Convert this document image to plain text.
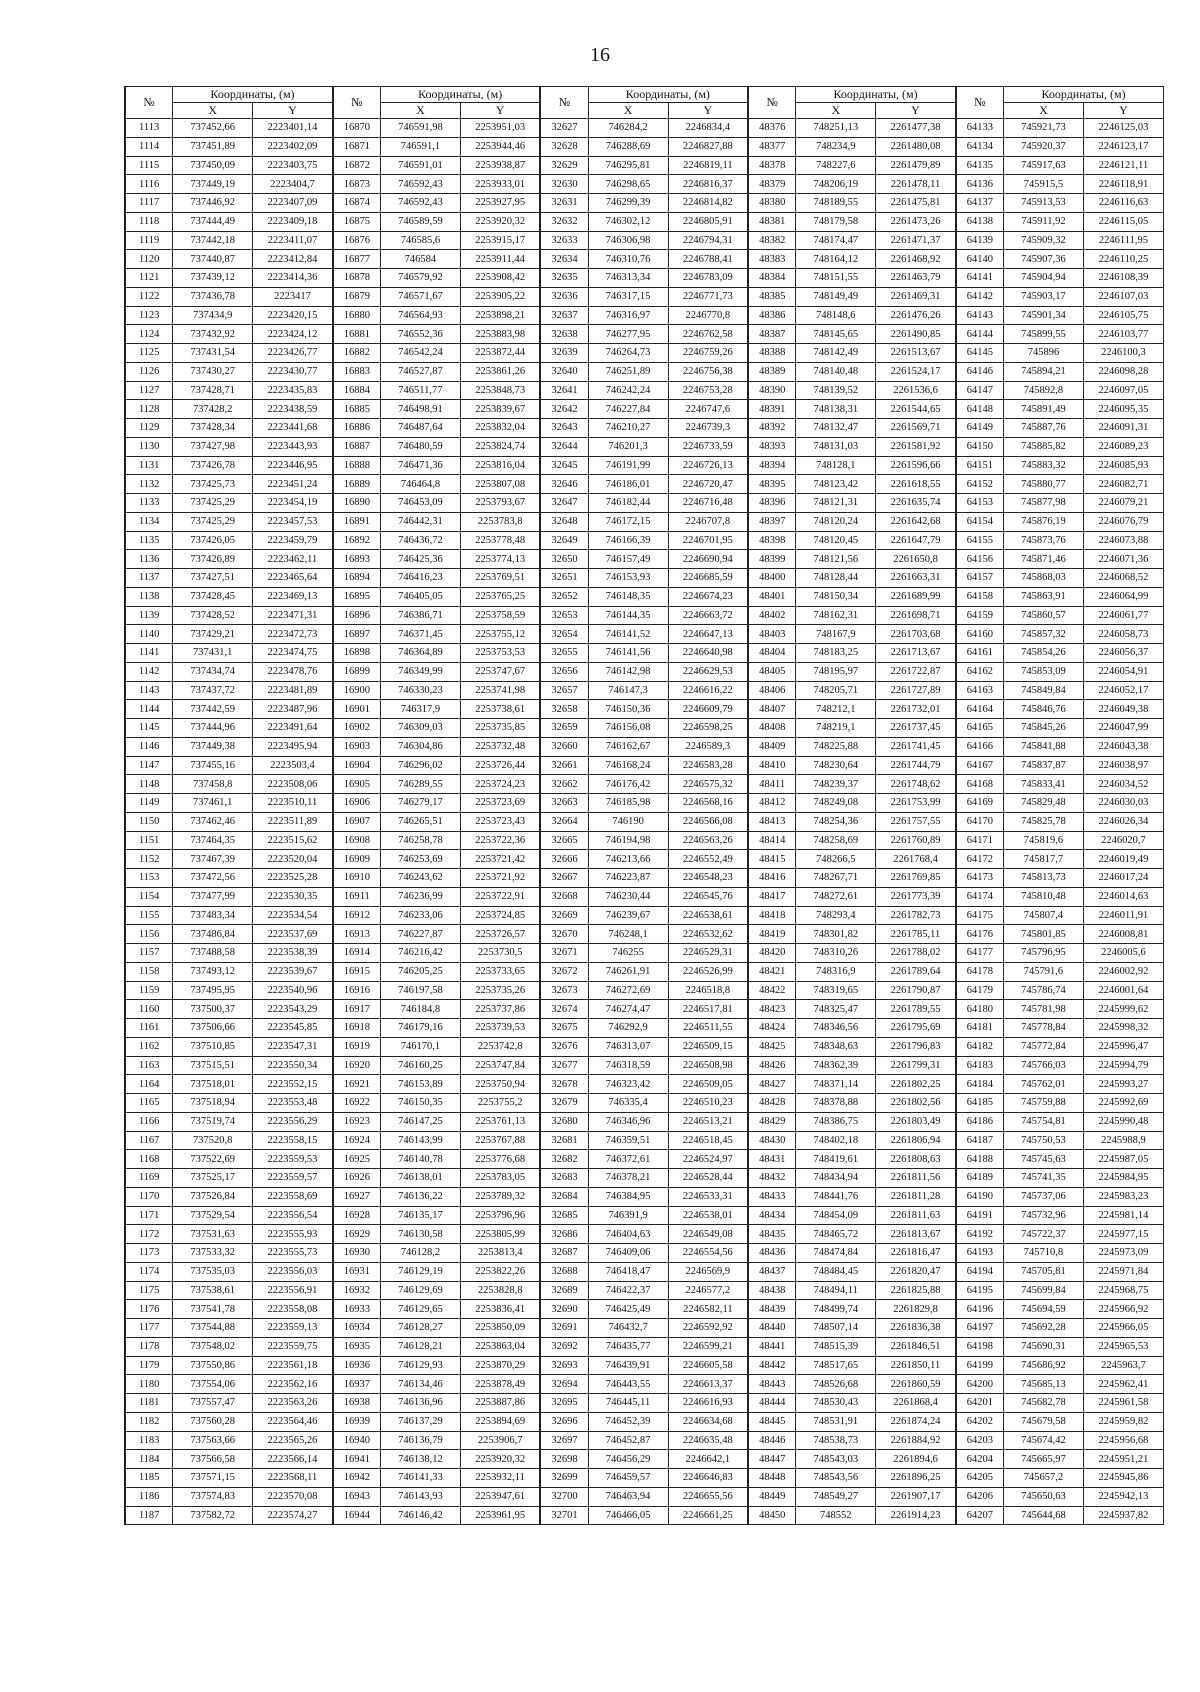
16
№	Координаты, (м)		№	Координаты, (м)		№	Координаты, (м)		№	Координаты, (м)		№	Координаты, (м)	
	X	Y		X	Y		X	Y		X	Y		X	Y
1113	737452,66	2223401,14	16870	746591,98	2253951,03	32627	746284,2	2246834,4	48376	748251,13	2261477,38	64133	745921,73	2246125,03
1114	737451,89	2223402,09	16871	746591,1	2253944,46	32628	746288,69	2246827,88	48377	748234,9	2261480,08	64134	745920,37	2246123,17
1115	737450,09	2223403,75	16872	746591,01	2253938,87	32629	746295,81	2246819,11	48378	748227,6	2261479,89	64135	745917,63	2246121,11
1116	737449,19	2223404,7	16873	746592,43	2253933,01	32630	746298,65	2246816,37	48379	748206,19	2261478,11	64136	745915,5	2246118,91
1117	737446,92	2223407,09	16874	746592,43	2253927,95	32631	746299,39	2246814,82	48380	748189,55	2261475,81	64137	745913,53	2246116,63
1118	737444,49	2223409,18	16875	746589,59	2253920,32	32632	746302,12	2246805,91	48381	748179,58	2261473,26	64138	745911,92	2246115,05
1119	737442,18	2223411,07	16876	746585,6	2253915,17	32633	746306,98	2246794,31	48382	748174,47	2261471,37	64139	745909,32	2246111,95
1120	737440,87	2223412,84	16877	746584	2253911,44	32634	746310,76	2246788,41	48383	748164,12	2261468,92	64140	745907,36	2246110,25
1121	737439,12	2223414,36	16878	746579,92	2253908,42	32635	746313,34	2246783,09	48384	748151,55	2261463,79	64141	745904,94	2246108,39
1122	737436,78	2223417	16879	746571,67	2253905,22	32636	746317,15	2246771,73	48385	748149,49	2261469,31	64142	745903,17	2246107,03
1123	737434,9	2223420,15	16880	746564,93	2253898,21	32637	746316,97	2246770,8	48386	748148,6	2261476,26	64143	745901,34	2246105,75
1124	737432,92	2223424,12	16881	746552,36	2253883,98	32638	746277,95	2246762,58	48387	748145,65	2261490,85	64144	745899,55	2246103,77
1125	737431,54	2223426,77	16882	746542,24	2253872,44	32639	746264,73	2246759,26	48388	748142,49	2261513,67	64145	745896	2246100,3
1126	737430,27	2223430,77	16883	746527,87	2253861,26	32640	746251,89	2246756,38	48389	748140,48	2261524,17	64146	745894,21	2246098,28
1127	737428,71	2223435,83	16884	746511,77	2253848,73	32641	746242,24	2246753,28	48390	748139,52	2261536,6	64147	745892,8	2246097,05
1128	737428,2	2223438,59	16885	746498,91	2253839,67	32642	746227,84	2246747,6	48391	748138,31	2261544,65	64148	745891,49	2246095,35
1129	737428,34	2223441,68	16886	746487,64	2253832,04	32643	746210,27	2246739,3	48392	748132,47	2261569,71	64149	745887,76	2246091,31
1130	737427,98	2223443,93	16887	746480,59	2253824,74	32644	746201,3	2246733,59	48393	748131,03	2261581,92	64150	745885,82	2246089,23
1131	737426,78	2223446,95	16888	746471,36	2253816,04	32645	746191,99	2246726,13	48394	748128,1	2261596,66	64151	745883,32	2246085,93
1132	737425,73	2223451,24	16889	746464,8	2253807,08	32646	746186,01	2246720,47	48395	748123,42	2261618,55	64152	745880,77	2246082,71
1133	737425,29	2223454,19	16890	746453,09	2253793,67	32647	746182,44	2246716,48	48396	748121,31	2261635,74	64153	745877,98	2246079,21
1134	737425,29	2223457,53	16891	746442,31	2253783,8	32648	746172,15	2246707,8	48397	748120,24	2261642,68	64154	745876,19	2246076,79
1135	737426,05	2223459,79	16892	746436,72	2253778,48	32649	746166,39	2246701,95	48398	748120,45	2261647,79	64155	745873,76	2246073,88
1136	737426,89	2223462,11	16893	746425,36	2253774,13	32650	746157,49	2246690,94	48399	748121,56	2261650,8	64156	745871,46	2246071,36
1137	737427,51	2223465,64	16894	746416,23	2253769,51	32651	746153,93	2246685,59	48400	748128,44	2261663,31	64157	745868,03	2246068,52
1138	737428,45	2223469,13	16895	746405,05	2253765,25	32652	746148,35	2246674,23	48401	748150,34	2261689,99	64158	745863,91	2246064,99
1139	737428,52	2223471,31	16896	746386,71	2253758,59	32653	746144,35	2246663,72	48402	748162,31	2261698,71	64159	745860,57	2246061,77
1140	737429,21	2223472,73	16897	746371,45	2253755,12	32654	746141,52	2246647,13	48403	748167,9	2261703,68	64160	745857,32	2246058,73
1141	737431,1	2223474,75	16898	746364,89	2253753,53	32655	746141,56	2246640,98	48404	748183,25	2261713,67	64161	745854,26	2246056,37
1142	737434,74	2223478,76	16899	746349,99	2253747,67	32656	746142,98	2246629,53	48405	748195,97	2261722,87	64162	745853,09	2246054,91
1143	737437,72	2223481,89	16900	746330,23	2253741,98	32657	746147,3	2246616,22	48406	748205,71	2261727,89	64163	745849,84	2246052,17
1144	737442,59	2223487,96	16901	746317,9	2253738,61	32658	746150,36	2246609,79	48407	748212,1	2261732,01	64164	745846,76	2246049,38
1145	737444,96	2223491,64	16902	746309,03	2253735,85	32659	746156,08	2246598,25	48408	748219,1	2261737,45	64165	745845,26	2246047,99
1146	737449,38	2223495,94	16903	746304,86	2253732,48	32660	746162,67	2246589,3	48409	748225,88	2261741,45	64166	745841,88	2246043,38
1147	737455,16	2223503,4	16904	746296,02	2253726,44	32661	746168,24	2246583,28	48410	748230,64	2261744,79	64167	745837,87	2246038,97
1148	737458,8	2223508,06	16905	746289,55	2253724,23	32662	746176,42	2246575,32	48411	748239,37	2261748,62	64168	745833,41	2246034,52
1149	737461,1	2223510,11	16906	746279,17	2253723,69	32663	746185,98	2246568,16	48412	748249,08	2261753,99	64169	745829,48	2246030,03
1150	737462,46	2223511,89	16907	746265,51	2253723,43	32664	746190	2246566,08	48413	748254,36	2261757,55	64170	745825,78	2246026,34
1151	737464,35	2223515,62	16908	746258,78	2253722,36	32665	746194,98	2246563,26	48414	748258,69	2261760,89	64171	745819,6	2246020,7
1152	737467,39	2223520,04	16909	746253,69	2253721,42	32666	746213,66	2246552,49	48415	748266,5	2261768,4	64172	745817,7	2246019,49
1153	737472,56	2223525,28	16910	746243,62	2253721,92	32667	746223,87	2246548,23	48416	748267,71	2261769,85	64173	745813,73	2246017,24
1154	737477,99	2223530,35	16911	746236,99	2253722,91	32668	746230,44	2246545,76	48417	748272,61	2261773,39	64174	745810,48	2246014,63
1155	737483,34	2223534,54	16912	746233,06	2253724,85	32669	746239,67	2246538,61	48418	748293,4	2261782,73	64175	745807,4	2246011,91
1156	737486,84	2223537,69	16913	746227,87	2253726,57	32670	746248,1	2246532,62	48419	748301,82	2261785,11	64176	745801,85	2246008,81
1157	737488,58	2223538,39	16914	746216,42	2253730,5	32671	746255	2246529,31	48420	748310,26	2261788,02	64177	745796,95	2246005,6
1158	737493,12	2223539,67	16915	746205,25	2253733,65	32672	746261,91	2246526,99	48421	748316,9	2261789,64	64178	745791,6	2246002,92
1159	737495,95	2223540,96	16916	746197,58	2253735,26	32673	746272,69	2246518,8	48422	748319,65	2261790,87	64179	745786,74	2246001,64
1160	737500,37	2223543,29	16917	746184,8	2253737,86	32674	746274,47	2246517,81	48423	748325,47	2261789,55	64180	745781,98	2245999,62
1161	737506,66	2223545,85	16918	746179,16	2253739,53	32675	746292,9	2246511,55	48424	748346,56	2261795,69	64181	745778,84	2245998,32
1162	737510,85	2223547,31	16919	746170,1	2253742,8	32676	746313,07	2246509,15	48425	748348,63	2261796,83	64182	745772,84	2245996,47
1163	737515,51	2223550,34	16920	746160,25	2253747,84	32677	746318,59	2246508,98	48426	748362,39	2261799,31	64183	745766,03	2245994,79
1164	737518,01	2223552,15	16921	746153,89	2253750,94	32678	746323,42	2246509,05	48427	748371,14	2261802,25	64184	745762,01	2245993,27
1165	737518,94	2223553,48	16922	746150,35	2253755,2	32679	746335,4	2246510,23	48428	748378,88	2261802,56	64185	745759,88	2245992,69
1166	737519,74	2223556,29	16923	746147,25	2253761,13	32680	746346,96	2246513,21	48429	748386,75	2261803,49	64186	745754,81	2245990,48
1167	737520,8	2223558,15	16924	746143,99	2253767,88	32681	746359,51	2246518,45	48430	748402,18	2261806,94	64187	745750,53	2245988,9
1168	737522,69	2223559,53	16925	746140,78	2253776,68	32682	746372,61	2246524,97	48431	748419,61	2261808,63	64188	745745,63	2245987,05
1169	737525,17	2223559,57	16926	746138,01	2253783,05	32683	746378,21	2246528,44	48432	748434,94	2261811,56	64189	745741,35	2245984,95
1170	737526,84	2223558,69	16927	746136,22	2253789,32	32684	746384,95	2246533,31	48433	748441,76	2261811,28	64190	745737,06	2245983,23
1171	737529,54	2223556,54	16928	746135,17	2253796,96	32685	746391,9	2246538,01	48434	748454,09	2261811,63	64191	745732,96	2245981,14
1172	737531,63	2223555,93	16929	746130,58	2253805,99	32686	746404,63	2246549,08	48435	748465,72	2261813,67	64192	745722,37	2245977,15
1173	737533,32	2223555,73	16930	746128,2	2253813,4	32687	746409,06	2246554,56	48436	748474,84	2261816,47	64193	745710,8	2245973,09
1174	737535,03	2223556,03	16931	746129,19	2253822,26	32688	746418,47	2246569,9	48437	748484,45	2261820,47	64194	745705,81	2245971,84
1175	737538,61	2223556,91	16932	746129,69	2253828,8	32689	746422,37	2246577,2	48438	748494,11	2261825,88	64195	745699,84	2245968,75
1176	737541,78	2223558,08	16933	746129,65	2253836,41	32690	746425,49	2246582,11	48439	748499,74	2261829,8	64196	745694,59	2245966,92
1177	737544,88	2223559,13	16934	746128,27	2253850,09	32691	746432,7	2246592,92	48440	748507,14	2261836,38	64197	745692,28	2245966,05
1178	737548,02	2223559,75	16935	746128,21	2253863,04	32692	746435,77	2246599,21	48441	748515,39	2261846,51	64198	745690,31	2245965,53
1179	737550,86	2223561,18	16936	746129,93	2253870,29	32693	746439,91	2246605,58	48442	748517,65	2261850,11	64199	745686,92	2245963,7
1180	737554,06	2223562,16	16937	746134,46	2253878,49	32694	746443,55	2246613,37	48443	748526,68	2261860,59	64200	745685,13	2245962,41
1181	737557,47	2223563,26	16938	746136,96	2253887,86	32695	746445,11	2246616,93	48444	748530,43	2261868,4	64201	745682,78	2245961,58
1182	737560,28	2223564,46	16939	746137,29	2253894,69	32696	746452,39	2246634,68	48445	748531,91	2261874,24	64202	745679,58	2245959,82
1183	737563,66	2223565,26	16940	746136,79	2253906,7	32697	746452,87	2246635,48	48446	748538,73	2261884,92	64203	745674,42	2245956,68
1184	737566,58	2223566,14	16941	746138,12	2253920,32	32698	746456,29	2246642,1	48447	748543,03	2261894,6	64204	745665,97	2245951,21
1185	737571,15	2223568,11	16942	746141,33	2253932,11	32699	746459,57	2246646,83	48448	748543,56	2261896,25	64205	745657,2	2245945,86
1186	737574,83	2223570,08	16943	746143,93	2253947,61	32700	746463,94	2246655,56	48449	748549,27	2261907,17	64206	745650,63	2245942,13
1187	737582,72	2223574,27	16944	746146,42	2253961,95	32701	746466,05	2246661,25	48450	748552	2261914,23	64207	745644,68	2245937,82
